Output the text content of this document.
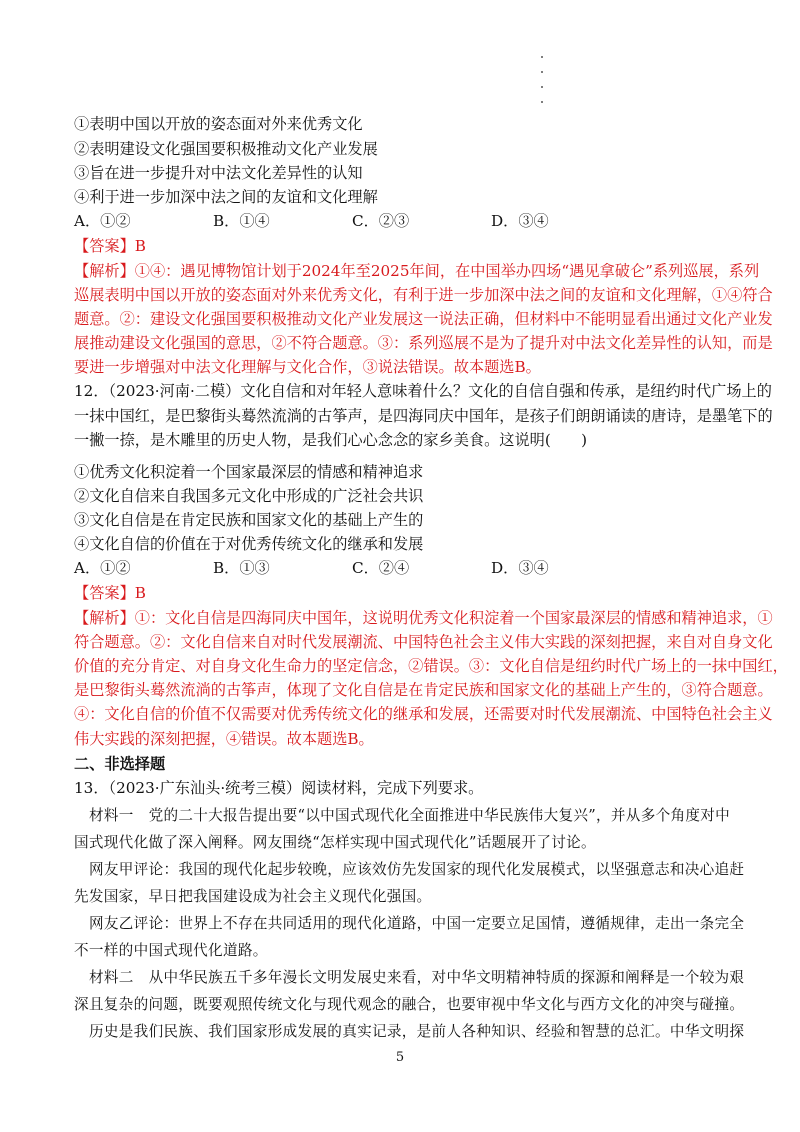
①表明中国以开放的姿态面对外来优秀文化
②表明建设文化强国要积极推动文化产业发展
③旨在进一步提升对中法文化差异性的认知
④利于进一步加深中法之间的友谊和文化理解
A．①②	B．①④	C．②③	D．③④
【答案】B
【解析】①④：遇见博物馆计划于2024年至2025年间，在中国举办四场“遇见拿破仑”系列巡展，系列
巡展表明中国以开放的姿态面对外来优秀文化，有利于进一步加深中法之间的友谊和文化理解，①④符合
题意。②：建设文化强国要积极推动文化产业发展这一说法正确，但材料中不能明显看出通过文化产业发
展推动建设文化强国的意思，②不符合题意。③：系列巡展不是为了提升对中法文化差异性的认知，而是
要进一步增强对中法文化理解与文化合作，③说法错误。故本题选B。
12．（2023·河南·二模）文化自信和对年轻人意味着什么？文化的自信自强和传承，是纽约时代广场上的
一抹中国红，是巴黎街头蓦然流淌的古筝声，是四海同庆中国年，是孩子们朗朗诵读的唐诗，是墨笔下的
一撇一捺，是木雕里的历史人物，是我们心心念念的家乡美食。这说明(　　)
①优秀文化积淀着一个国家最深层的情感和精神追求
②文化自信来自我国多元文化中形成的广泛社会共识
③文化自信是在肯定民族和国家文化的基础上产生的
④文化自信的价值在于对优秀传统文化的继承和发展
A．①②	B．①③	C．②④	D．③④
【答案】B
【解析】①：文化自信是四海同庆中国年，这说明优秀文化积淀着一个国家最深层的情感和精神追求，①
符合题意。②：文化自信来自对时代发展潮流、中国特色社会主义伟大实践的深刻把握，来自对自身文化
价值的充分肯定、对自身文化生命力的坚定信念，②错误。③：文化自信是纽约时代广场上的一抹中国红，
是巴黎街头蓦然流淌的古筝声，体现了文化自信是在肯定民族和国家文化的基础上产生的，③符合题意。
④：文化自信的价值不仅需要对优秀传统文化的继承和发展，还需要对时代发展潮流、中国特色社会主义
伟大实践的深刻把握，④错误。故本题选B。
二、非选择题
13．（2023·广东汕头·统考三模）阅读材料，完成下列要求。
材料一　党的二十大报告提出要“以中国式现代化全面推进中华民族伟大复兴”，并从多个角度对中
国式现代化做了深入阐释。网友围绕“怎样实现中国式现代化”话题展开了讨论。
网友甲评论：我国的现代化起步较晚，应该效仿先发国家的现代化发展模式，以坚强意志和决心追赶
先发国家，早日把我国建设成为社会主义现代化强国。
网友乙评论：世界上不存在共同适用的现代化道路，中国一定要立足国情，遵循规律，走出一条完全
不一样的中国式现代化道路。
材料二　从中华民族五千多年漫长文明发展史来看，对中华文明精神特质的探源和阐释是一个较为艰
深且复杂的问题，既要观照传统文化与现代观念的融合，也要审视中华文化与西方文化的冲突与碰撞。
历史是我们民族、我们国家形成发展的真实记录，是前人各种知识、经验和智慧的总汇。中华文明探
5
